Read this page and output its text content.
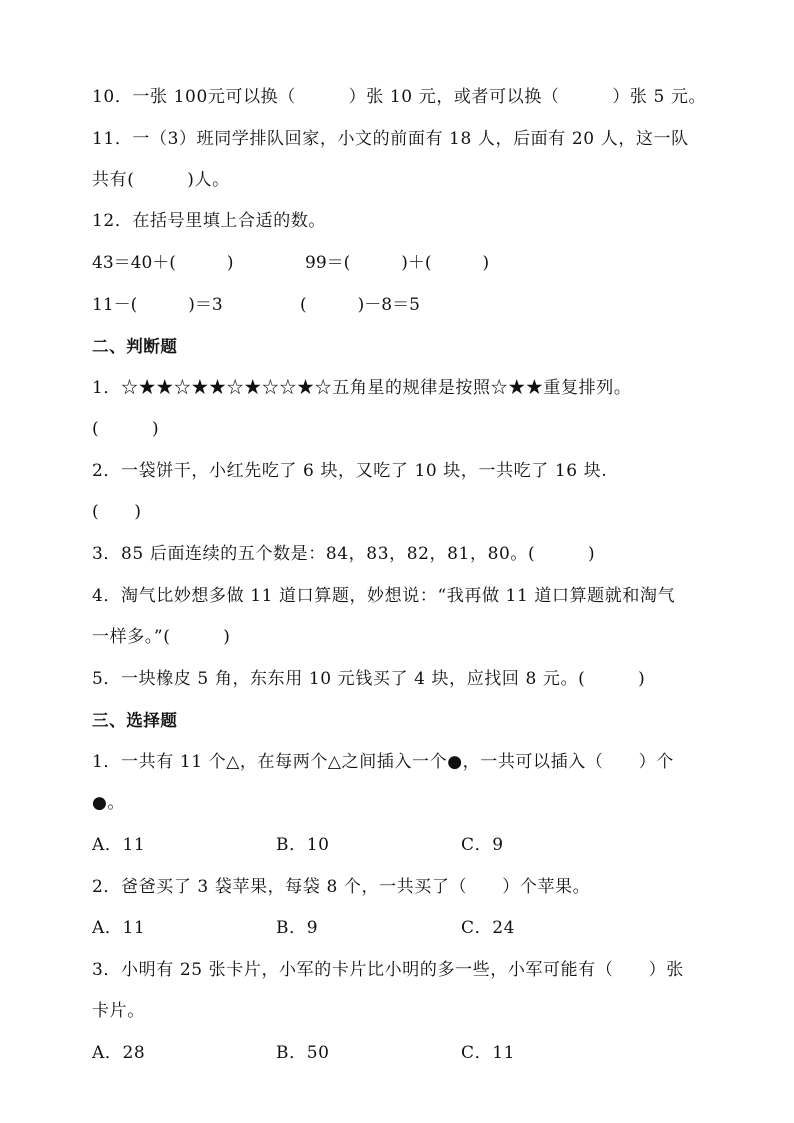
10．一张 100元可以换（　　　）张 10 元，或者可以换（　　　）张 5 元。
11．一（3）班同学排队回家，小文的前面有 18 人，后面有 20 人，这一队
共有(　　　)人。
12．在括号里填上合适的数。
43＝40＋(　　　)	99＝(　　　)＋(　　　)
11－(　　　)＝3	(　　　)－8＝5
二、判断题
1．☆★★☆★★☆★☆☆★☆五角星的规律是按照☆★★重复排列。
(　　　)
2．一袋饼干，小红先吃了 6 块，又吃了 10 块，一共吃了 16 块.
(　　)
3．85 后面连续的五个数是：84，83，82，81，80。(　　　)
4．淘气比妙想多做 11 道口算题，妙想说：“我再做 11 道口算题就和淘气
一样多。”(　　　)
5．一块橡皮 5 角，东东用 10 元钱买了 4 块，应找回 8 元。(　　　)
三、选择题
1．一共有 11 个△，在每两个△之间插入一个●，一共可以插入（　　）个
●。
A．11	B．10	C．9
2．爸爸买了 3 袋苹果，每袋 8 个，一共买了（　　）个苹果。
A．11	B．9	C．24
3．小明有 25 张卡片，小军的卡片比小明的多一些，小军可能有（　　）张
卡片。
A．28	B．50	C．11
